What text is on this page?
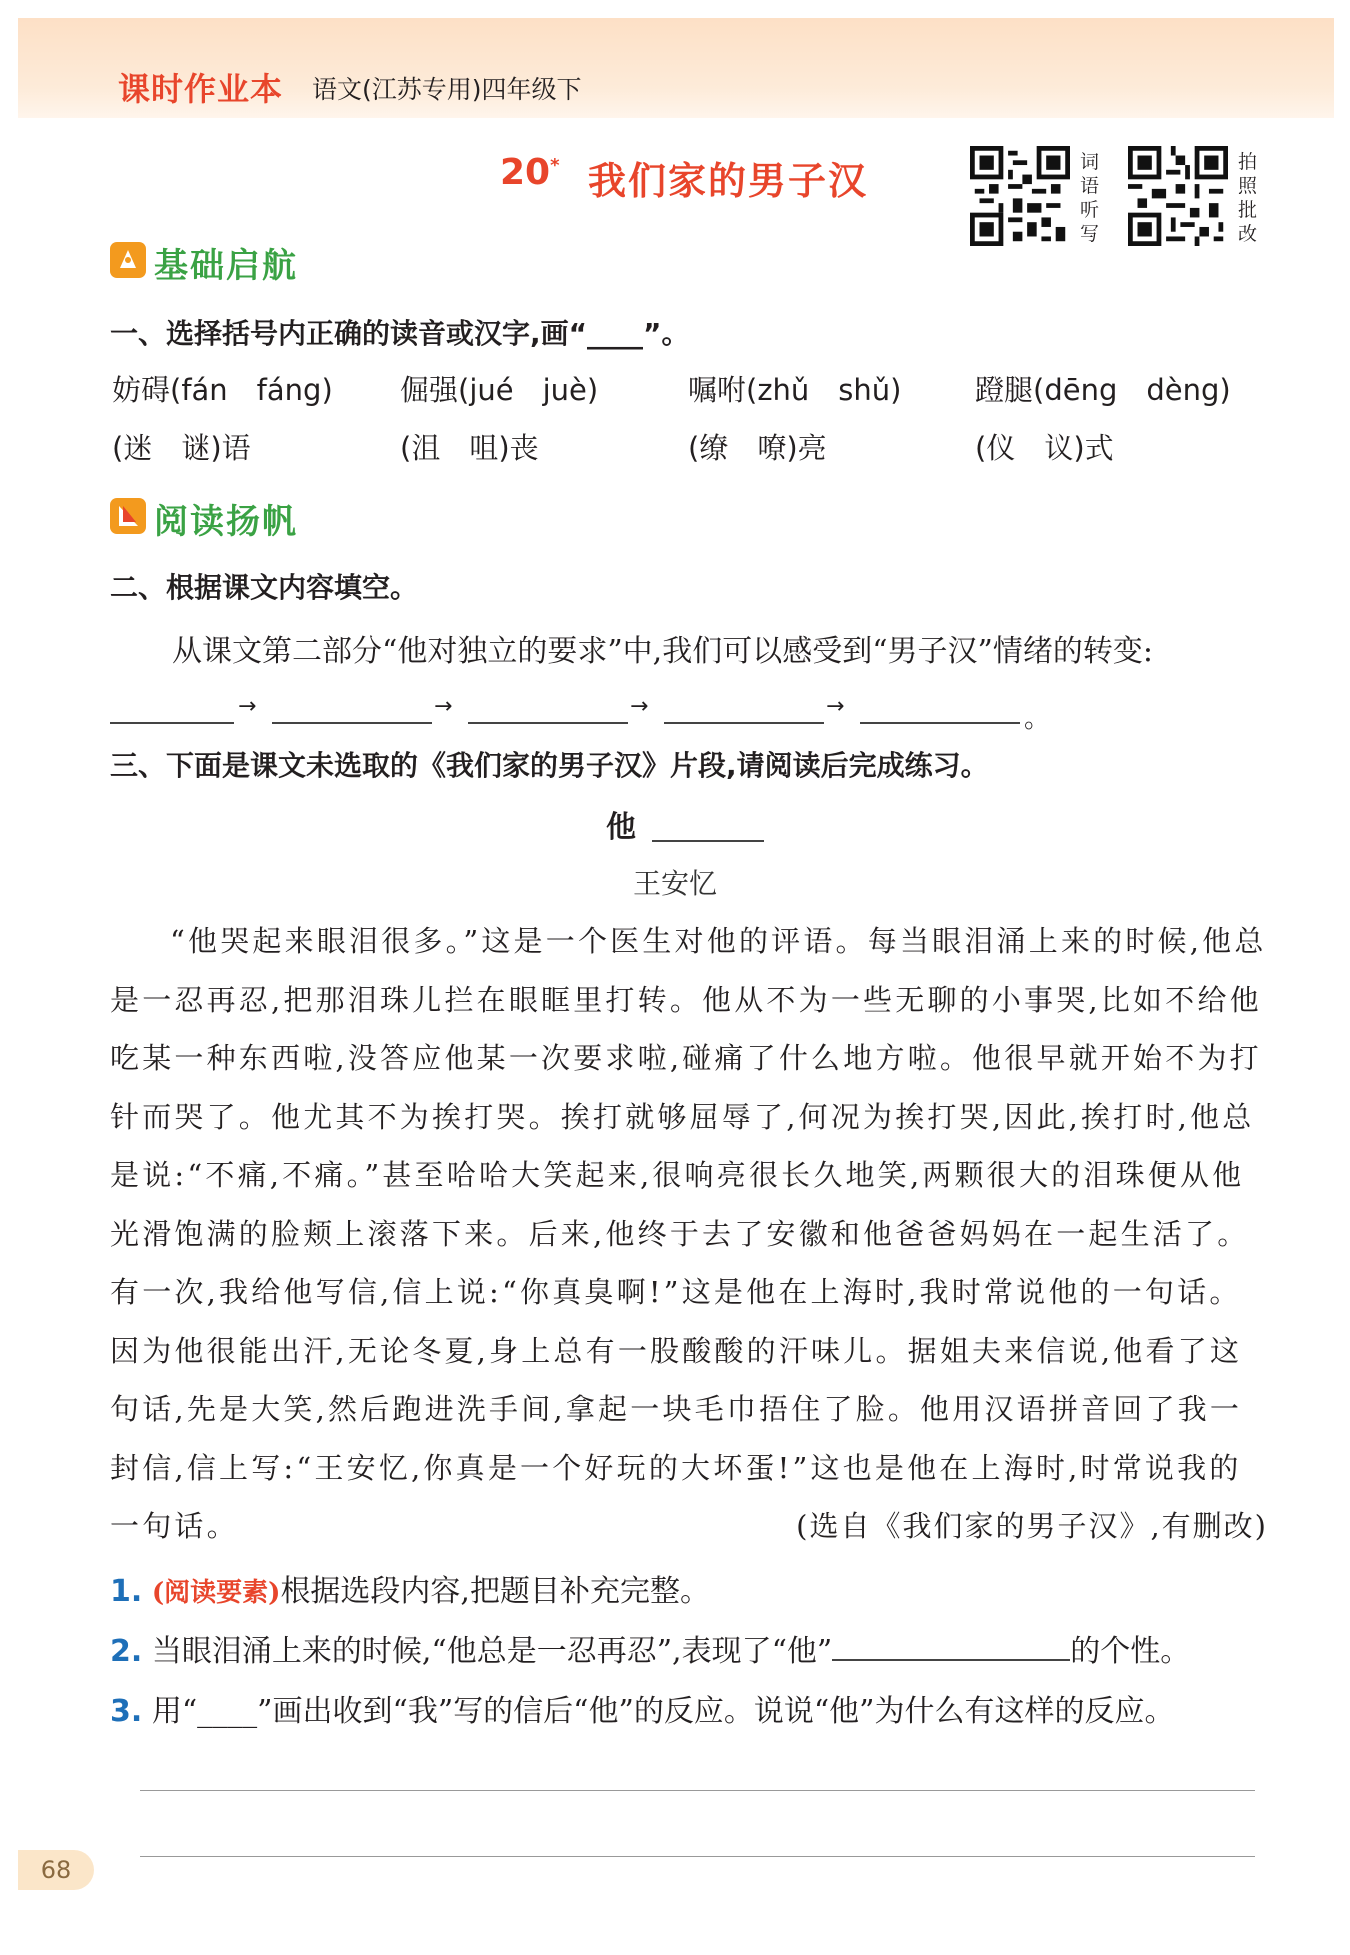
课时作业本 语文(江苏专用)四年级下
20* 我们家的男子汉	词语听写
拍照批改
基础启航
一、选择括号内正确的读音或汉字,画“____”。
妨碍(fán　fáng) 倔强(jué　juè)	嘱咐(zhǔ　shǔ)	蹬腿(dēng　dèng)
(迷　谜)语	(沮　咀)丧	(缭　嘹)亮	(仪　议)式
阅读扬帆
二、根据课文内容填空。
从课文第二部分“他对独立的要求”中,我们可以感受到“男子汉”情绪的转变:
→	→	→	→	。
三、下面是课文未选取的《我们家的男子汉》片段,请阅读后完成练习。
他
王安忆
“他哭起来眼泪很多。”这是一个医生对他的评语。每当眼泪涌上来的时候,他总是一忍再忍,把那泪珠儿拦在眼眶里打转。他从不为一些无聊的小事哭,比如不给他吃某一种东西啦,没答应他某一次要求啦,碰痛了什么地方啦。他很早就开始不为打针而哭了。他尤其不为挨打哭。挨打就够屈辱了,何况为挨打哭,因此,挨打时,他总是说:“不痛,不痛。”甚至哈哈大笑起来,很响亮很长久地笑,两颗很大的泪珠便从他光滑饱满的脸颊上滚落下来。后来,他终于去了安徽和他爸爸妈妈在一起生活了。有一次,我给他写信,信上说:“你真臭啊!”这是他在上海时,我时常说他的一句话。因为他很能出汗,无论冬夏,身上总有一股酸酸的汗味儿。据姐夫来信说,他看了这句话,先是大笑,然后跑进洗手间,拿起一块毛巾捂住了脸。他用汉语拼音回了我一封信,信上写:“王安忆,你真是一个好玩的大坏蛋!”这也是他在上海时,时常说我的一句话。	(选自《我们家的男子汉》,有删改)
1. (阅读要素)根据选段内容,把题目补充完整。
2. 当眼泪涌上来的时候,“他总是一忍再忍”,表现了“他”	的个性。
3. 用“____”画出收到“我”写的信后“他”的反应。说说“他”为什么有这样的反应。
68
